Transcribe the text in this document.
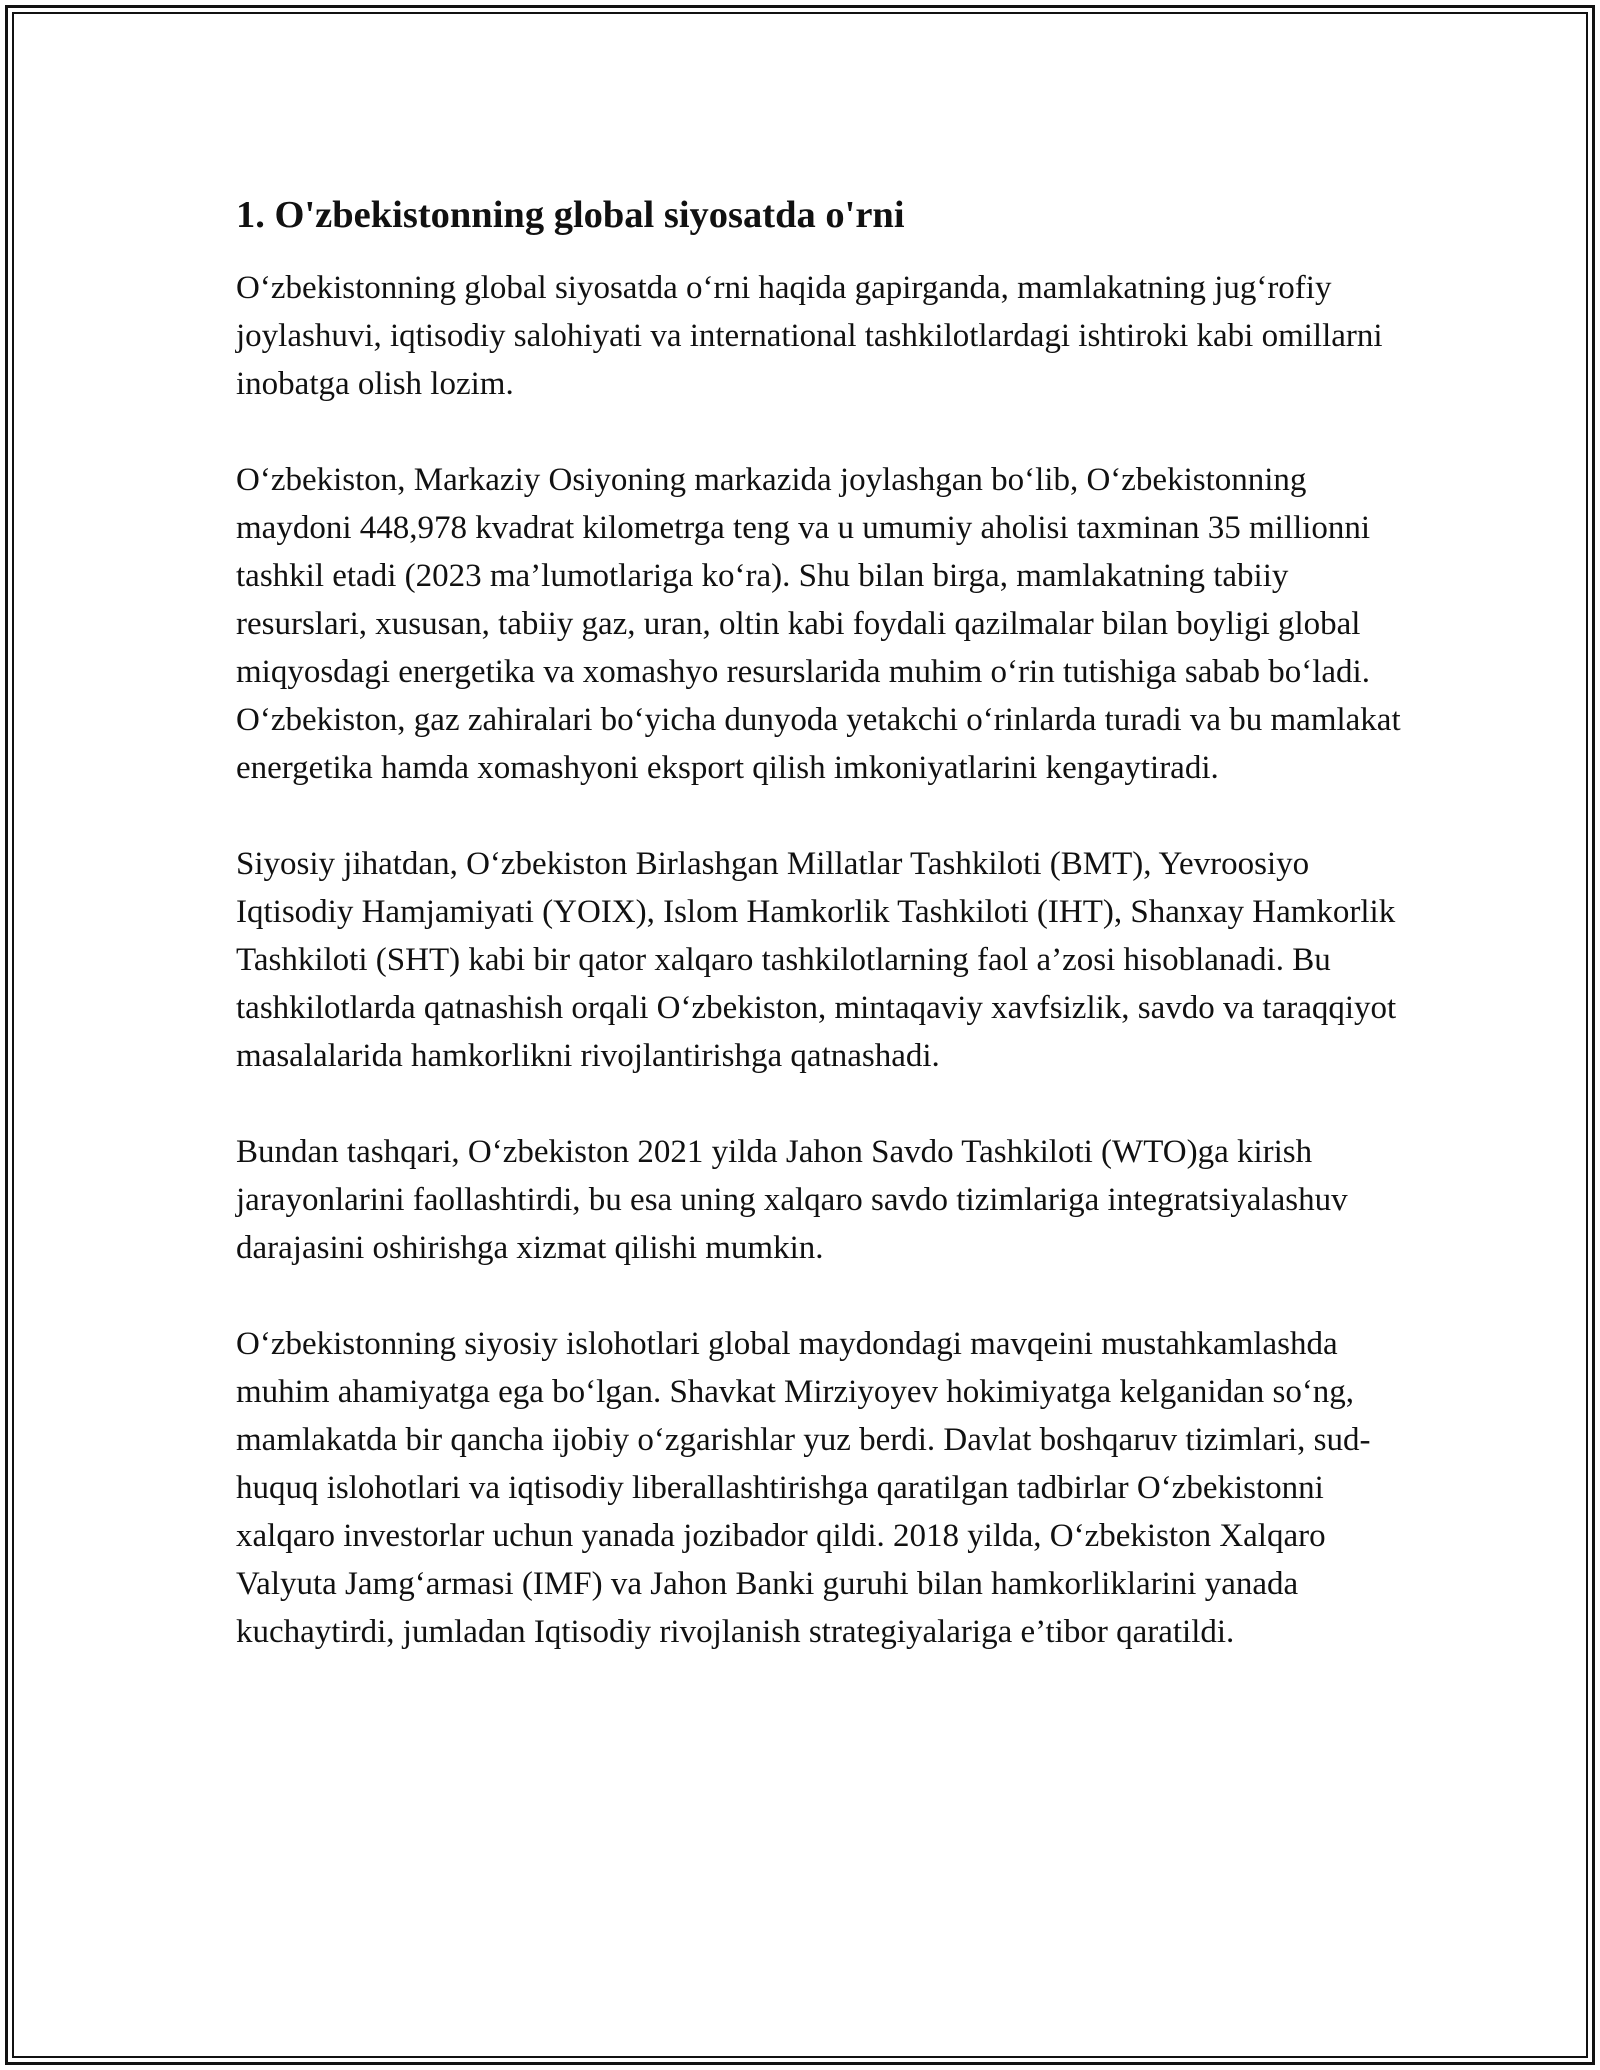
1. O'zbekistonning global siyosatda o'rni

O‘zbekistonning global siyosatda o‘rni haqida gapirganda, mamlakatning jug‘rofiy joylashuvi, iqtisodiy salohiyati va international tashkilotlardagi ishtiroki kabi omillarni inobatga olish lozim.

O‘zbekiston, Markaziy Osiyoning markazida joylashgan bo‘lib, O‘zbekistonning maydoni 448,978 kvadrat kilometrga teng va u umumiy aholisi taxminan 35 millionni tashkil etadi (2023 ma’lumotlariga ko‘ra). Shu bilan birga, mamlakatning tabiiy resurslari, xususan, tabiiy gaz, uran, oltin kabi foydali qazilmalar bilan boyligi global miqyosdagi energetika va xomashyo resurslarida muhim o‘rin tutishiga sabab bo‘ladi. O‘zbekiston, gaz zahiralari bo‘yicha dunyoda yetakchi o‘rinlarda turadi va bu mamlakat energetika hamda xomashyoni eksport qilish imkoniyatlarini kengaytiradi.

Siyosiy jihatdan, O‘zbekiston Birlashgan Millatlar Tashkiloti (BMT), Yevroosiyo Iqtisodiy Hamjamiyati (YOIX), Islom Hamkorlik Tashkiloti (IHT), Shanxay Hamkorlik Tashkiloti (SHT) kabi bir qator xalqaro tashkilotlarning faol a’zosi hisoblanadi. Bu tashkilotlarda qatnashish orqali O‘zbekiston, mintaqaviy xavfsizlik, savdo va taraqqiyot masalalarida hamkorlikni rivojlantirishga qatnashadi.

Bundan tashqari, O‘zbekiston 2021 yilda Jahon Savdo Tashkiloti (WTO)ga kirish jarayonlarini faollashtirdi, bu esa uning xalqaro savdo tizimlariga integratsiyalashuv darajasini oshirishga xizmat qilishi mumkin.

O‘zbekistonning siyosiy islohotlari global maydondagi mavqeini mustahkamlashda muhim ahamiyatga ega bo‘lgan. Shavkat Mirziyoyev hokimiyatga kelganidan so‘ng, mamlakatda bir qancha ijobiy o‘zgarishlar yuz berdi. Davlat boshqaruv tizimlari, sud-huquq islohotlari va iqtisodiy liberallashtirishga qaratilgan tadbirlar O‘zbekistonni xalqaro investorlar uchun yanada jozibador qildi. 2018 yilda, O‘zbekiston Xalqaro Valyuta Jamg‘armasi (IMF) va Jahon Banki guruhi bilan hamkorliklarini yanada kuchaytirdi, jumladan Iqtisodiy rivojlanish strategiyalariga e’tibor qaratildi.
